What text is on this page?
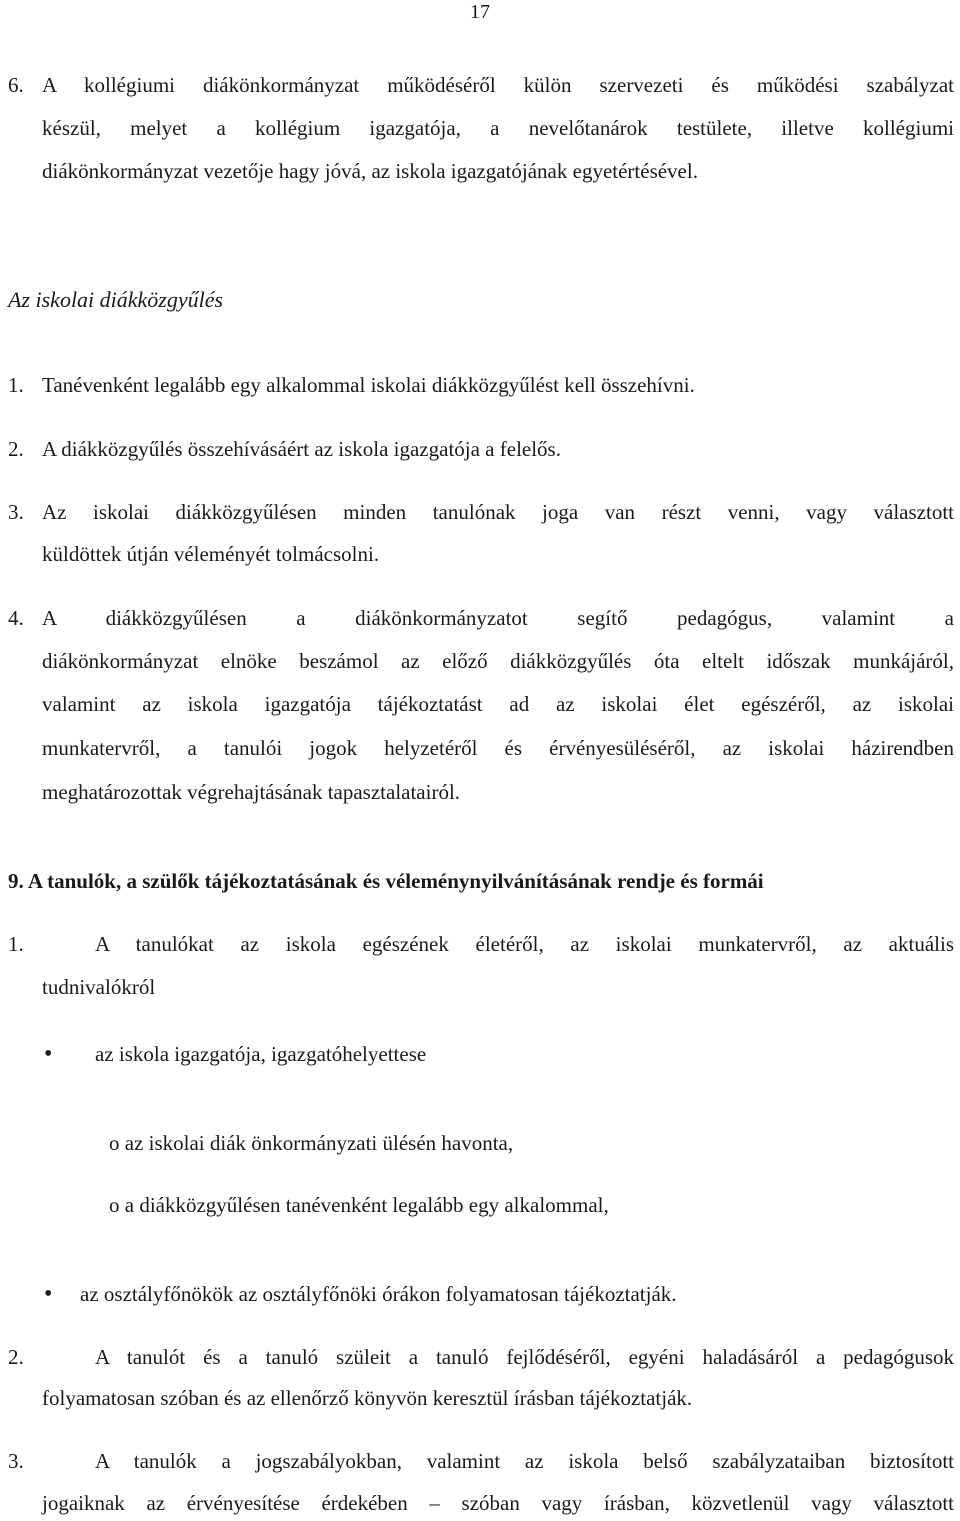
17

6. A kollégiumi diákönkormányzat működéséről külön szervezeti és működési szabályzat

készül, melyet a kollégium igazgatója, a nevelőtanárok testülete, illetve kollégiumi

diákönkormányzat vezetője hagy jóvá, az iskola igazgatójának egyetértésével.

Az iskolai diákközgyűlés

1. Tanévenként legalább egy alkalommal iskolai diákközgyűlést kell összehívni.

2. A diákközgyűlés összehívásáért az iskola igazgatója a felelős.

3. Az iskolai diákközgyűlésen minden tanulónak joga van részt venni, vagy választott

küldöttek útján véleményét tolmácsolni.

4. A diákközgyűlésen a diákönkormányzatot segítő pedagógus, valamint a

diákönkormányzat elnöke beszámol az előző diákközgyűlés óta eltelt időszak munkájáról,

valamint az iskola igazgatója tájékoztatást ad az iskolai élet egészéről, az iskolai

munkatervről, a tanulói jogok helyzetéről és érvényesüléséről, az iskolai házirendben

meghatározottak végrehajtásának tapasztalatairól.

9. A tanulók, a szülők tájékoztatásának és véleménynyilvánításának rendje és formái

1.	A tanulókat az iskola egészének életéről, az iskolai munkatervről, az aktuális

tudnivalókról

• az iskola igazgatója, igazgatóhelyettese

o az iskolai diák önkormányzati ülésén havonta,

o a diákközgyűlésen tanévenként legalább egy alkalommal,

• az osztályfőnökök az osztályfőnöki órákon folyamatosan tájékoztatják.

2.	A tanulót és a tanuló szüleit a tanuló fejlődéséről, egyéni haladásáról a pedagógusok

folyamatosan szóban és az ellenőrző könyvön keresztül írásban tájékoztatják.

3.	A tanulók a jogszabályokban, valamint az iskola belső szabályzataiban biztosított

jogaiknak az érvényesítése érdekében – szóban vagy írásban, közvetlenül vagy választott
